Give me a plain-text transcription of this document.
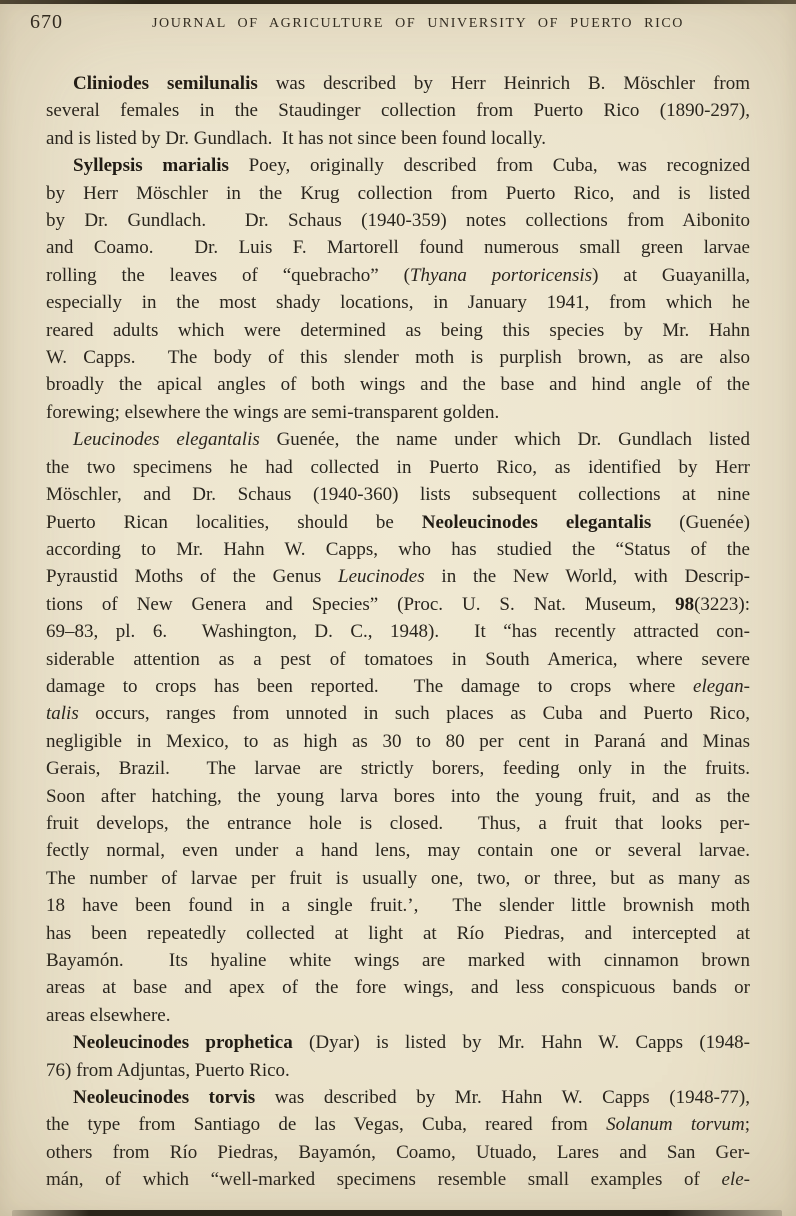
670	JOURNAL OF AGRICULTURE OF UNIVERSITY OF PUERTO RICO

Cliniodes semilunalis was described by Herr Heinrich B. Möschler from
several females in the Staudinger collection from Puerto Rico (1890-297),
and is listed by Dr. Gundlach.  It has not since been found locally.

Syllepsis marialis Poey, originally described from Cuba, was recognized
by Herr Möschler in the Krug collection from Puerto Rico, and is listed
by Dr. Gundlach.  Dr. Schaus (1940-359) notes collections from Aibonito
and Coamo.  Dr. Luis F. Martorell found numerous small green larvae
rolling the leaves of “quebracho” (Thyana portoricensis) at Guayanilla,
especially in the most shady locations, in January 1941, from which he
reared adults which were determined as being this species by Mr. Hahn
W. Capps.  The body of this slender moth is purplish brown, as are also
broadly the apical angles of both wings and the base and hind angle of the
forewing; elsewhere the wings are semi-transparent golden.

Leucinodes elegantalis Guenée, the name under which Dr. Gundlach listed
the two specimens he had collected in Puerto Rico, as identified by Herr
Möschler, and Dr. Schaus (1940-360) lists subsequent collections at nine
Puerto Rican localities, should be Neoleucinodes elegantalis (Guenée)
according to Mr. Hahn W. Capps, who has studied the “Status of the
Pyraustid Moths of the Genus Leucinodes in the New World, with Descrip-
tions of New Genera and Species” (Proc. U. S. Nat. Museum, 98(3223):
69–83, pl. 6.  Washington, D. C., 1948).  It “has recently attracted con-
siderable attention as a pest of tomatoes in South America, where severe
damage to crops has been reported.  The damage to crops where elegan-
talis occurs, ranges from unnoted in such places as Cuba and Puerto Rico,
negligible in Mexico, to as high as 30 to 80 per cent in Paraná and Minas
Gerais, Brazil.  The larvae are strictly borers, feeding only in the fruits.
Soon after hatching, the young larva bores into the young fruit, and as the
fruit develops, the entrance hole is closed.  Thus, a fruit that looks per-
fectly normal, even under a hand lens, may contain one or several larvae.
The number of larvae per fruit is usually one, two, or three, but as many as
18 have been found in a single fruit.’,  The slender little brownish moth
has been repeatedly collected at light at Río Piedras, and intercepted at
Bayamón.  Its hyaline white wings are marked with cinnamon brown
areas at base and apex of the fore wings, and less conspicuous bands or
areas elsewhere.

Neoleucinodes prophetica (Dyar) is listed by Mr. Hahn W. Capps (1948-
76) from Adjuntas, Puerto Rico.

Neoleucinodes torvis was described by Mr. Hahn W. Capps (1948-77),
the type from Santiago de las Vegas, Cuba, reared from Solanum torvum;
others from Río Piedras, Bayamón, Coamo, Utuado, Lares and San Ger-
mán, of which “well-marked specimens resemble small examples of ele-
